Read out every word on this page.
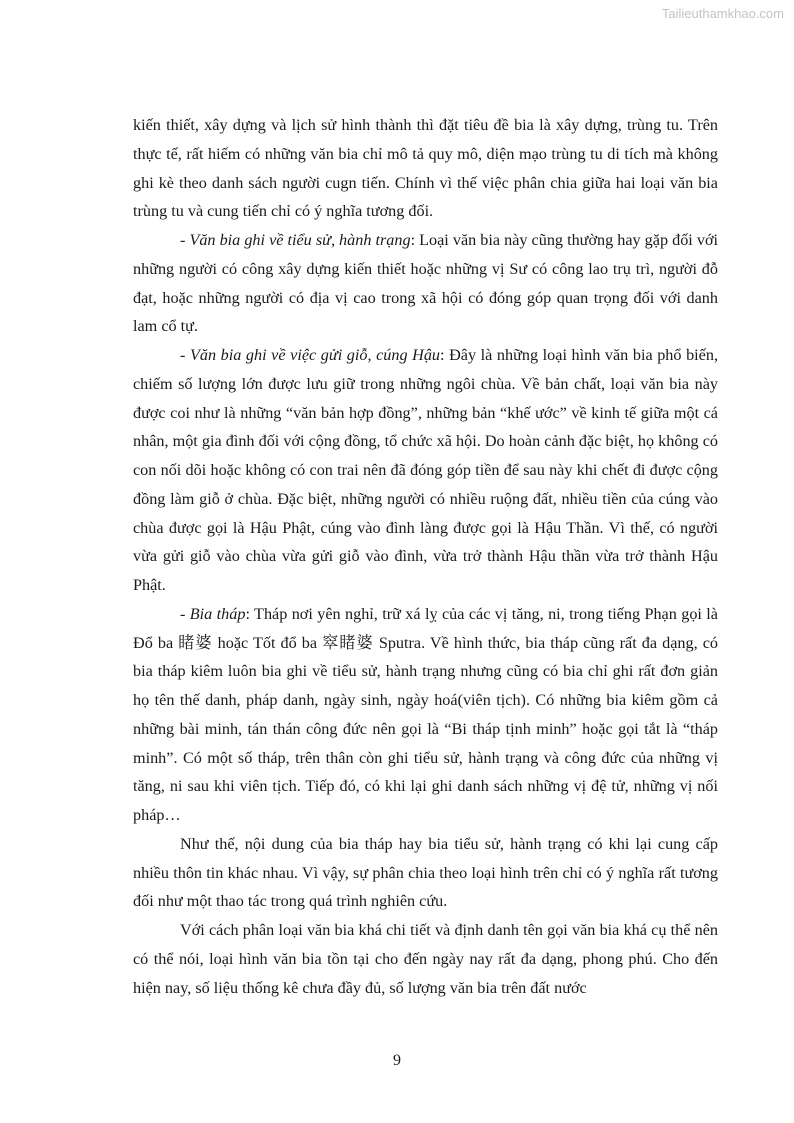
Tailieuthamkhao.com

kiến thiết, xây dựng và lịch sử hình thành thì đặt tiêu đề bia là xây dựng, trùng tu. Trên thực tế, rất hiếm có những văn bia chỉ mô tả quy mô, diện mạo trùng tu di tích mà không ghi kè theo danh sách người cugn tiến. Chính vì thế việc phân chia giữa hai loại văn bia trùng tu và cung tiến chỉ có ý nghĩa tương đối.

- Văn bia ghi về tiểu sử, hành trạng: Loại văn bia này cũng thường hay gặp đối với những người có công xây dựng kiến thiết hoặc những vị Sư có công lao trụ trì, người đỗ đạt, hoặc những người có địa vị cao trong xã hội có đóng góp quan trọng đối với danh lam cổ tự.

- Văn bia ghi về việc gửi giỗ, cúng Hậu: Đây là những loại hình văn bia phổ biến, chiếm số lượng lớn được lưu giữ trong những ngôi chùa. Về bản chất, loại văn bia này được coi như là những “văn bản hợp đồng”, những bản “khế ước” về kinh tế giữa một cá nhân, một gia đình đối với cộng đồng, tổ chức xã hội. Do hoàn cảnh đặc biệt, họ không có con nối dõi hoặc không có con trai nên đã đóng góp tiền để sau này khi chết đi được cộng đồng làm giỗ ở chùa. Đặc biệt, những người có nhiều ruộng đất, nhiều tiền của cúng vào chùa được gọi là Hậu Phật, cúng vào đình làng được gọi là Hậu Thần. Vì thế, có người vừa gửi giỗ vào chùa vừa gửi giỗ vào đình, vừa trở thành Hậu thần vừa trở thành Hậu Phật.

- Bia tháp: Tháp nơi yên nghỉ, trữ xá lỵ của các vị tăng, ni, trong tiếng Phạn gọi là Đổ ba 睹婆 hoặc Tốt đổ ba 窣睹婆 Sputra. Về hình thức, bia tháp cũng rất đa dạng, có bia tháp kiêm luôn bia ghi về tiểu sử, hành trạng nhưng cũng có bia chỉ ghi rất đơn giản họ tên thế danh, pháp danh, ngày sinh, ngày hoá(viên tịch). Có những bia kiêm gồm cả những bài minh, tán thán công đức nên gọi là “Bi tháp tịnh minh” hoặc gọi tắt là “tháp minh”. Có một số tháp, trên thân còn ghi tiểu sử, hành trạng và công đức của những vị tăng, ni sau khi viên tịch. Tiếp đó, có khi lại ghi danh sách những vị đệ tử, những vị nối pháp…

Như thế, nội dung của bia tháp hay bia tiểu sử, hành trạng có khi lại cung cấp nhiều thôn tin khác nhau. Vì vậy, sự phân chia theo loại hình trên chỉ có ý nghĩa rất tương đối như một thao tác trong quá trình nghiên cứu.

Với cách phân loại văn bia khá chi tiết và định danh tên gọi văn bia khá cụ thể nên có thể nói, loại hình văn bia tồn tại cho đến ngày nay rất đa dạng, phong phú. Cho đến hiện nay, số liệu thống kê chưa đầy đủ, số lượng văn bia trên đất nước

9
